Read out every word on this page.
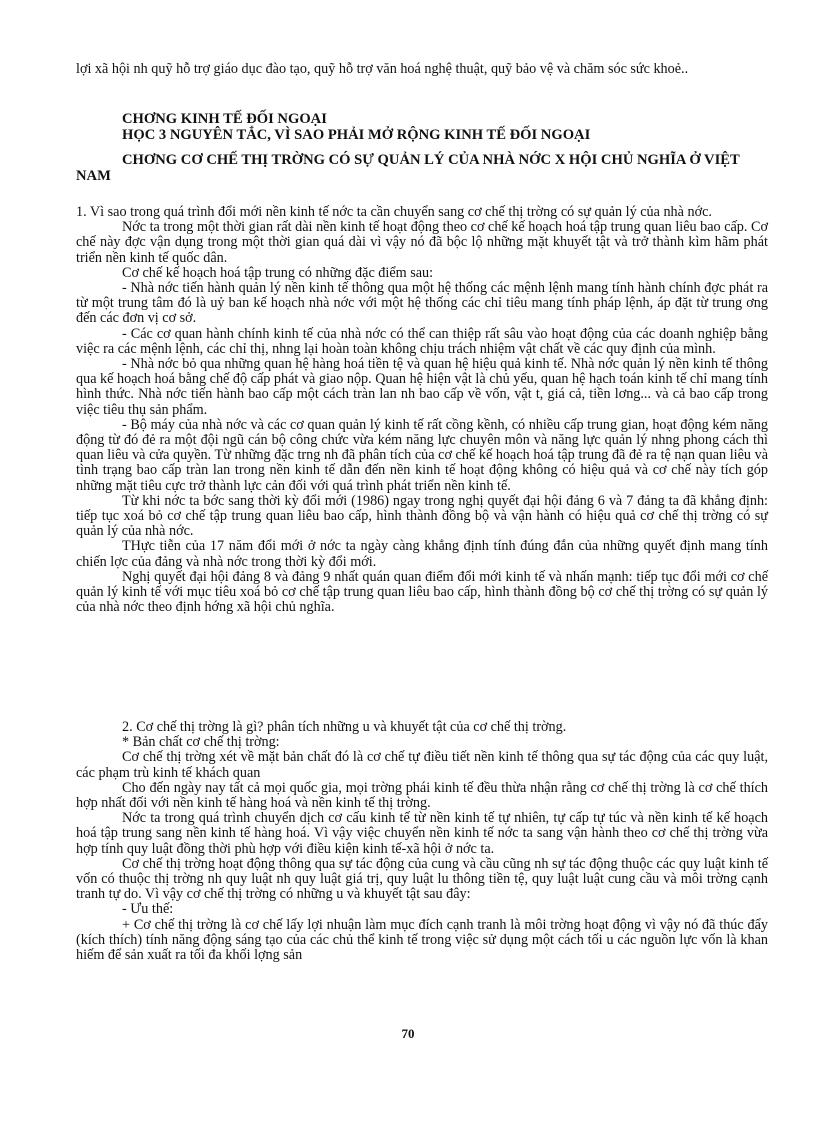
lợi xã hội nh quỹ hỗ trợ giáo dục đào tạo, quỹ hỗ trợ văn hoá nghệ thuật, quỹ bảo vệ và chăm sóc sức khoẻ..

CHƠNG KINH TẾ ĐỐI NGOẠI

HỌC 3 NGUYÊN TẮC, VÌ SAO PHẢI MỞ RỘNG KINH TẾ ĐỐI NGOẠI

CHƠNG CƠ CHẾ THỊ TRỜNG CÓ SỰ QUẢN LÝ CỦA NHÀ NỚC X HỘI CHỦ NGHĨA Ở VIỆT NAM

1. Vì sao trong quá trình đổi mới nền kinh tế nớc ta cần chuyển sang cơ chế thị trờng có sự quản lý của nhà nớc.

Nớc ta trong một thời gian rất dài nền kinh tế hoạt động theo cơ chế kế hoạch hoá tập trung quan liêu bao cấp. Cơ chế này đợc vận dụng trong một thời gian quá dài vì vậy nó đã bộc lộ những mặt khuyết tật và trở thành kìm hãm phát triển nền kinh tế quốc dân.

Cơ chế kế hoạch hoá tập trung có những đặc điểm sau:

- Nhà nớc tiến hành quản lý nền kinh tế thông qua một hệ thống các mệnh lệnh mang tính hành chính đợc phát ra từ một trung tâm đó là uỷ ban kế hoạch nhà nớc với một hệ thống các chỉ tiêu mang tính pháp lệnh, áp đặt từ trung ơng đến các đơn vị cơ sở.

- Các cơ quan hành chính kinh tế của nhà nớc có thể can thiệp rất sâu vào hoạt động của các doanh nghiệp bằng việc ra các mệnh lệnh, các chỉ thị, nhng lại hoàn toàn không chịu trách nhiệm vật chất về các quy định của mình.

- Nhà nớc bỏ qua những quan hệ hàng hoá tiền tệ và quan hệ hiệu quả kinh tế. Nhà nớc quản lý nền kinh tế thông qua kế hoạch hoá bằng chế độ cấp phát và giao nộp. Quan hệ hiện vật là chủ yếu, quan hệ hạch toán kinh tế chỉ mang tính hình thức. Nhà nớc tiến hành bao cấp một cách tràn lan nh bao cấp về vốn, vật t, giá cả, tiền lơng... và cả bao cấp trong việc tiêu thụ sản phẩm.

- Bộ máy của nhà nớc và các cơ quan quản lý kinh tế rất cồng kềnh, có nhiều cấp trung gian, hoạt động kém năng động từ đó đẻ ra một đội ngũ cán bộ công chức vừa kém năng lực chuyên môn và năng lực quản lý nhng phong cách thì quan liêu và cửa quyền. Từ những đặc trng nh đã phân tích của cơ chế kế hoạch hoá tập trung đã đẻ ra tệ nạn quan liêu và tình trạng bao cấp tràn lan trong nền kinh tế dẫn đến nền kinh tế hoạt động không có hiệu quả và cơ chế này tích góp những mặt tiêu cực trở thành lực cản đối với quá trình phát triển nền kinh tế.

Từ khi nớc ta bớc sang thời kỳ đổi mới (1986) ngay trong nghị quyết đại hội đảng 6 và 7 đảng ta đã khẳng định: tiếp tục xoá bỏ cơ chế tập trung quan liêu bao cấp, hình thành đồng bộ và vận hành có hiệu quả cơ chế thị trờng có sự quản lý của nhà nớc.

THực tiễn của 17 năm đổi mới ở nớc ta ngày càng khẳng định tính đúng đắn của những quyết định mang tính chiến lợc của đảng và nhà nớc trong thời kỳ đổi mới.

Nghị quyết đại hội đảng 8 và đảng 9 nhất quán quan điểm đổi mới kinh tế và nhấn mạnh: tiếp tục đổi mới cơ chế quản lý kinh tế với mục tiêu xoá bỏ cơ chế tập trung quan liêu bao cấp, hình thành đồng bộ cơ chế thị trờng có sự quản lý của nhà nớc theo định hớng xã hội chủ nghĩa.

2. Cơ chế thị trờng là gì? phân tích những u và khuyết tật của cơ chế thị trờng.

* Bản chất cơ chế thị trờng:

Cơ chế thị trờng xét về mặt bản chất đó là cơ chế tự điều tiết nền kinh tế thông qua sự tác động của các quy luật, các phạm trù kinh tế khách quan

Cho đến ngày nay tất cả mọi quốc gia, mọi trờng phái kinh tế đều thừa nhận rằng cơ chế thị trờng là cơ chế thích hợp nhất đối với nền kinh tế hàng hoá và nền kinh tế thị trờng.

Nớc ta trong quá trình chuyển dịch cơ cấu kinh tế từ nền kinh tế tự nhiên, tự cấp tự túc và nền kinh tế kế hoạch hoá tập trung sang nền kinh tế hàng hoá. Vì vậy việc chuyển nền kinh tế nớc ta sang vận hành theo cơ chế thị trờng vừa hợp tính quy luật đồng thời phù hợp với điều kiện kinh tế-xã hội ở nớc ta.

Cơ chế thị trờng hoạt động thông qua sự tác động của cung và cầu cũng nh sự tác động thuộc các quy luật kinh tế vốn có thuộc thị trờng nh quy luật nh quy luật giá trị, quy luật lu thông tiền tệ, quy luật luật cung cầu và môi trờng cạnh tranh tự do. Vì vậy cơ chế thị trờng có những u và khuyết tật sau đây:

- Ưu thế:

+ Cơ chế thị trờng là cơ chế lấy lợi nhuận làm mục đích cạnh tranh là môi trờng hoạt động vì vậy nó đã thúc đẩy (kích thích) tính năng động sáng tạo của các chủ thể kinh tế trong việc sử dụng một cách tối u các nguồn lực vốn là khan hiếm để sản xuất ra tối đa khối lợng sản

70
